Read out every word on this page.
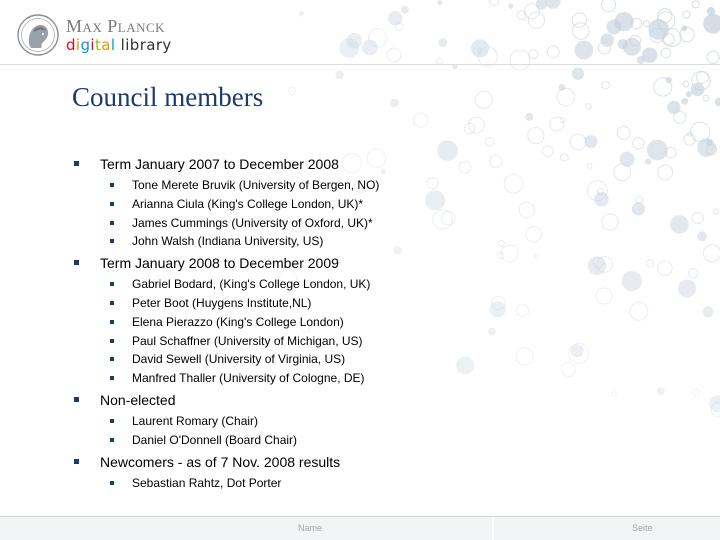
Max Planck
digital library
Council members
Term January 2007 to December 2008
Tone Merete Bruvik (University of Bergen, NO)
Arianna Ciula (King's College London, UK)*
James Cummings (University of Oxford, UK)*
John Walsh (Indiana University, US)
Term January 2008 to December 2009
Gabriel Bodard, (King's College London, UK)
Peter Boot (Huygens Institute,NL)
Elena Pierazzo (King's College London)
Paul Schaffner (University of Michigan, US)
David Sewell (University of Virginia, US)
Manfred Thaller (University of Cologne, DE)
Non-elected
Laurent Romary (Chair)
Daniel O'Donnell (Board Chair)
Newcomers - as of 7 Nov. 2008 results
Sebastian Rahtz, Dot Porter
Name	Seite
